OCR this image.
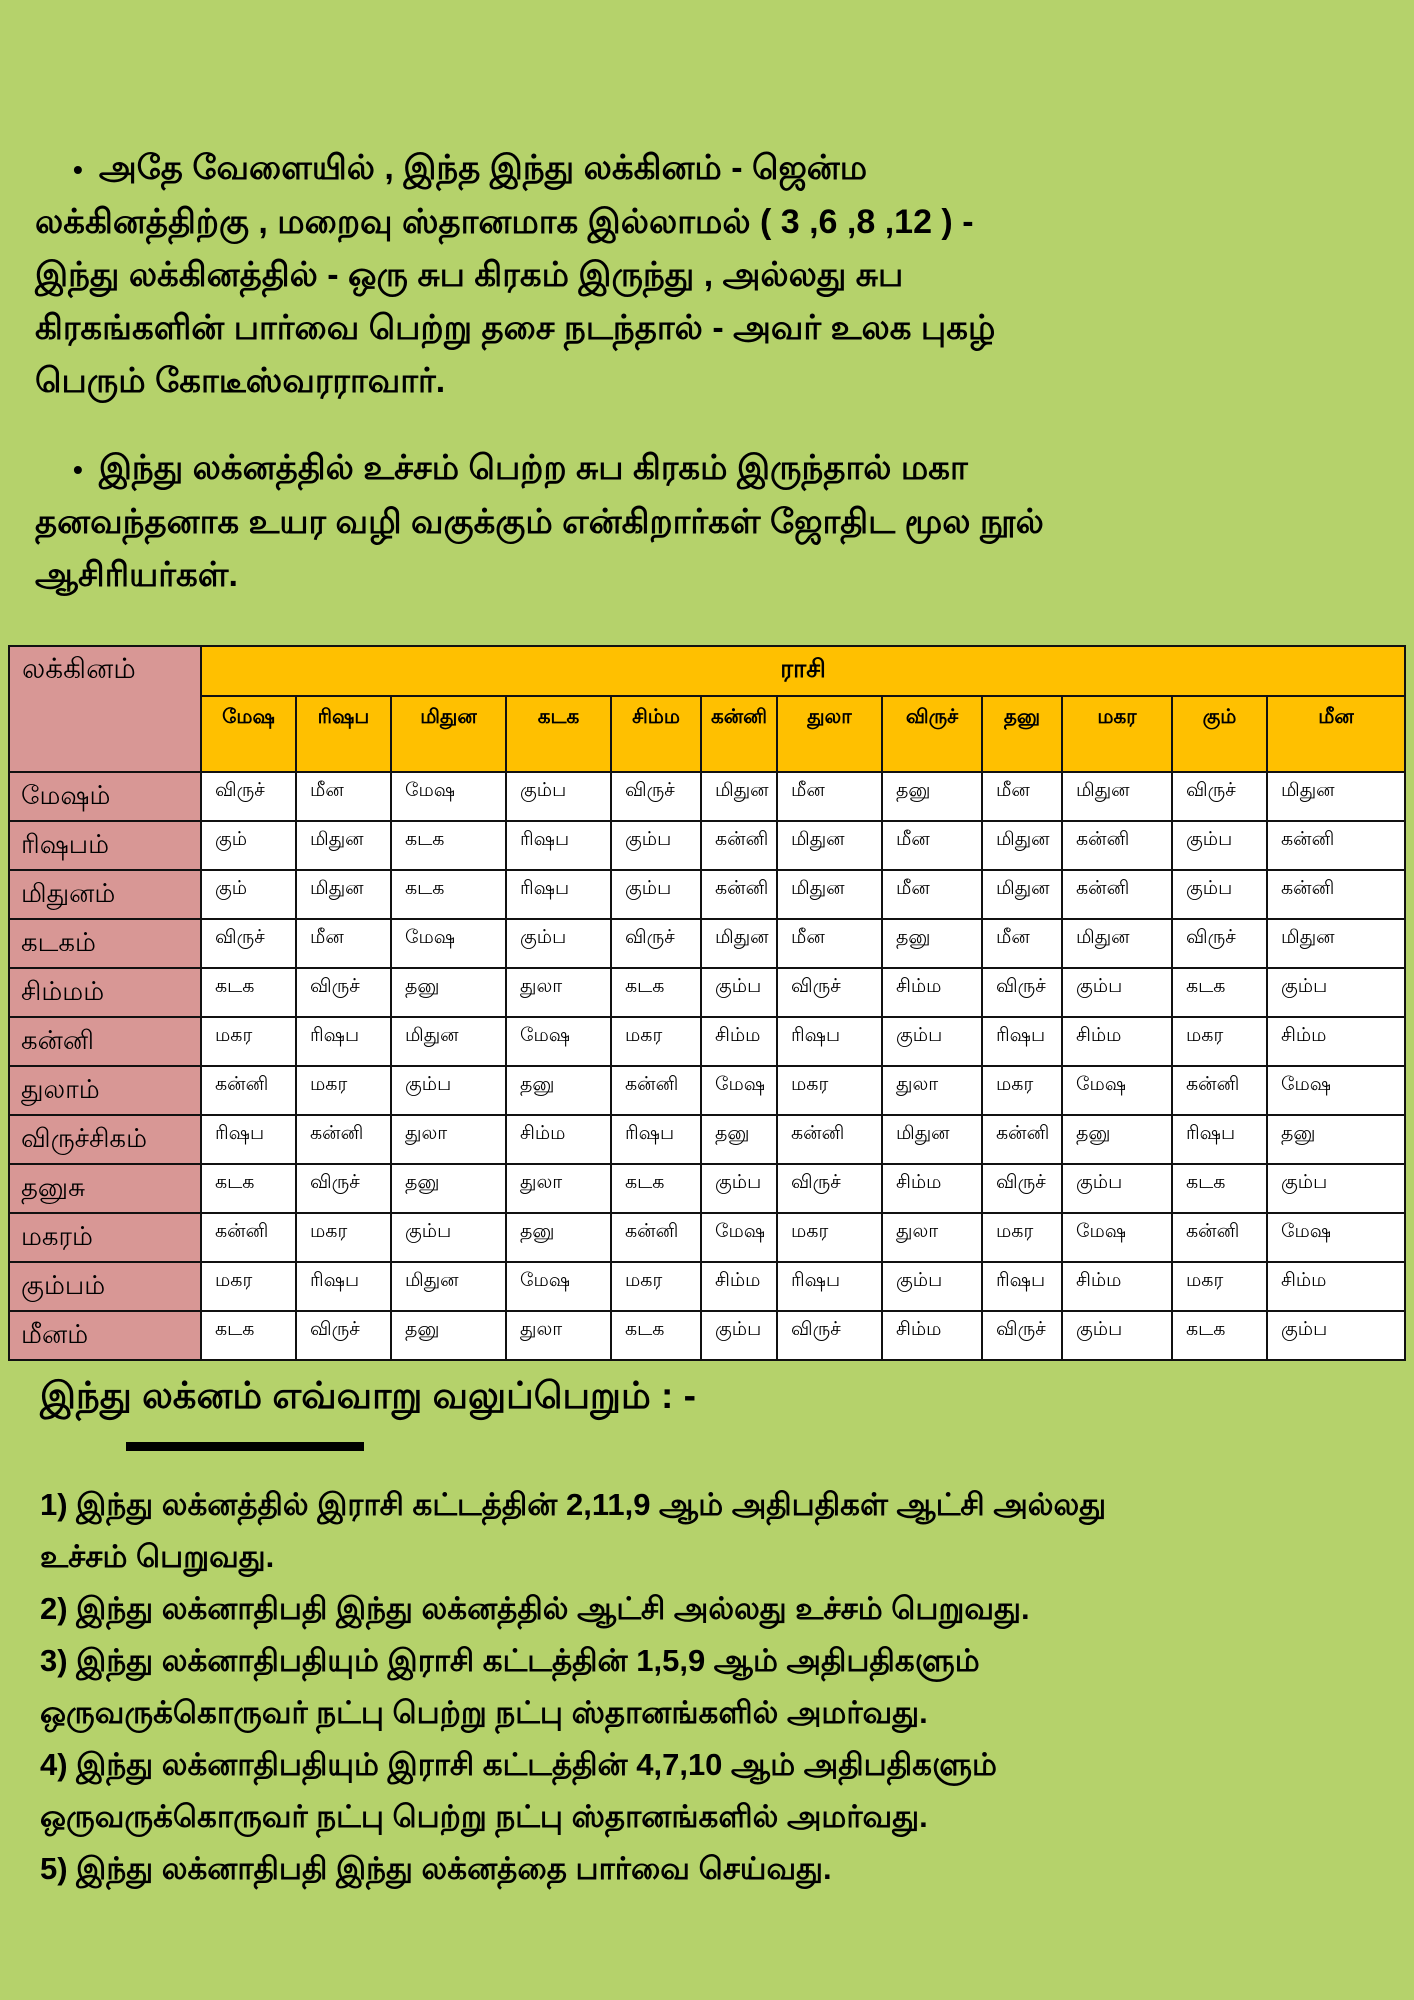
• அதே வேளையில் , இந்த இந்து லக்கினம் - ஜென்ம லக்கினத்திற்கு , மறைவு ஸ்தானமாக இல்லாமல் ( 3 ,6 ,8 ,12 ) - இந்து லக்கினத்தில் - ஒரு சுப கிரகம் இருந்து , அல்லது சுப கிரகங்களின் பார்வை பெற்று தசை நடந்தால் - அவர் உலக புகழ் பெரும் கோடீஸ்வரராவார்.

• இந்து லக்னத்தில் உச்சம் பெற்ற சுப கிரகம் இருந்தால் மகா தனவந்தனாக உயர வழி வகுக்கும் என்கிறார்கள் ஜோதிட மூல நூல் ஆசிரியர்கள்.

லக்கினம்	ராசி											
	மேஷ	ரிஷப	மிதுன	கடக	சிம்ம	கன்னி	துலா	விருச்	தனு	மகர	கும்	மீன
மேஷம்	விருச்	மீன	மேஷ	கும்ப	விருச்	மிதுன	மீன	தனு	மீன	மிதுன	விருச்	மிதுன
ரிஷபம்	கும்	மிதுன	கடக	ரிஷப	கும்ப	கன்னி	மிதுன	மீன	மிதுன	கன்னி	கும்ப	கன்னி
மிதுனம்	கும்	மிதுன	கடக	ரிஷப	கும்ப	கன்னி	மிதுன	மீன	மிதுன	கன்னி	கும்ப	கன்னி
கடகம்	விருச்	மீன	மேஷ	கும்ப	விருச்	மிதுன	மீன	தனு	மீன	மிதுன	விருச்	மிதுன
சிம்மம்	கடக	விருச்	தனு	துலா	கடக	கும்ப	விருச்	சிம்ம	விருச்	கும்ப	கடக	கும்ப
கன்னி	மகர	ரிஷப	மிதுன	மேஷ	மகர	சிம்ம	ரிஷப	கும்ப	ரிஷப	சிம்ம	மகர	சிம்ம
துலாம்	கன்னி	மகர	கும்ப	தனு	கன்னி	மேஷ	மகர	துலா	மகர	மேஷ	கன்னி	மேஷ
விருச்சிகம்	ரிஷப	கன்னி	துலா	சிம்ம	ரிஷப	தனு	கன்னி	மிதுன	கன்னி	தனு	ரிஷப	தனு
தனுசு	கடக	விருச்	தனு	துலா	கடக	கும்ப	விருச்	சிம்ம	விருச்	கும்ப	கடக	கும்ப
மகரம்	கன்னி	மகர	கும்ப	தனு	கன்னி	மேஷ	மகர	துலா	மகர	மேஷ	கன்னி	மேஷ
கும்பம்	மகர	ரிஷப	மிதுன	மேஷ	மகர	சிம்ம	ரிஷப	கும்ப	ரிஷப	சிம்ம	மகர	சிம்ம
மீனம்	கடக	விருச்	தனு	துலா	கடக	கும்ப	விருச்	சிம்ம	விருச்	கும்ப	கடக	கும்ப
இந்து லக்னம் எவ்வாறு வலுப்பெறும் : -

1) இந்து லக்னத்தில் இராசி கட்டத்தின் 2,11,9 ஆம் அதிபதிகள் ஆட்சி அல்லது உச்சம் பெறுவது.

2) இந்து லக்னாதிபதி இந்து லக்னத்தில் ஆட்சி அல்லது உச்சம் பெறுவது.

3) இந்து லக்னாதிபதியும் இராசி கட்டத்தின் 1,5,9 ஆம் அதிபதிகளும் ஒருவருக்கொருவர் நட்பு பெற்று நட்பு ஸ்தானங்களில் அமர்வது.

4) இந்து லக்னாதிபதியும் இராசி கட்டத்தின் 4,7,10 ஆம் அதிபதிகளும் ஒருவருக்கொருவர் நட்பு பெற்று நட்பு ஸ்தானங்களில் அமர்வது.

5) இந்து லக்னாதிபதி இந்து லக்னத்தை பார்வை செய்வது.
